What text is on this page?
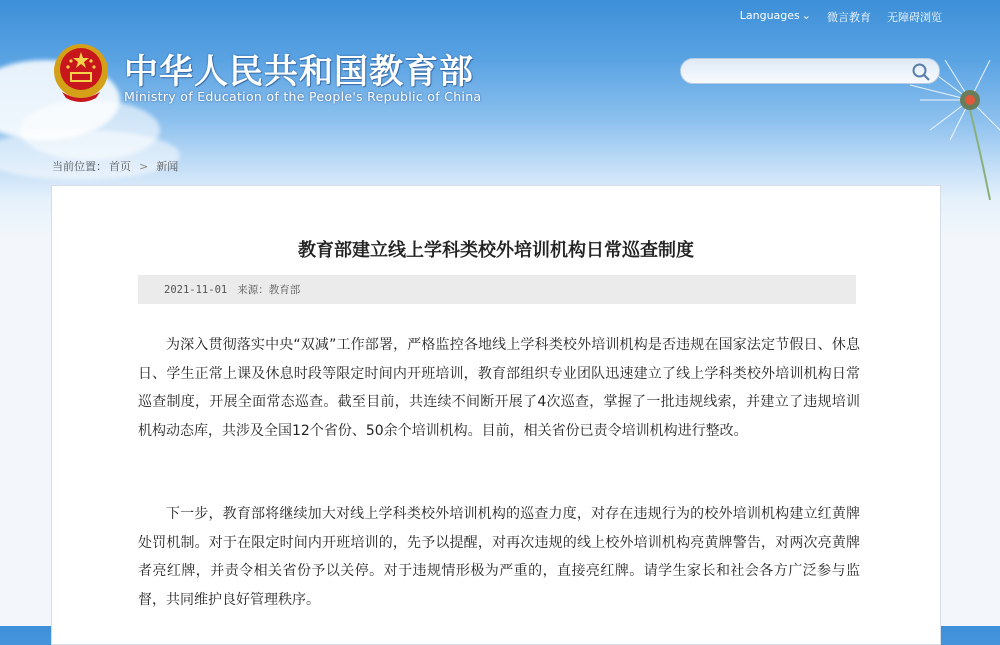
Languages ⌄ 微言教育 无障碍浏览
中华人民共和国教育部
Ministry of Education of the People's Republic of China
当前位置： 首页 > 新闻
教育部建立线上学科类校外培训机构日常巡查制度
2021-11-01 来源：教育部

为深入贯彻落实中央“双减”工作部署，严格监控各地线上学科类校外培训机构是否违规在国家法定节假日、休息日、学生正常上课及休息时段等限定时间内开班培训，教育部组织专业团队迅速建立了线上学科类校外培训机构日常巡查制度，开展全面常态巡查。截至目前，共连续不间断开展了4次巡查，掌握了一批违规线索，并建立了违规培训机构动态库，共涉及全国12个省份、50余个培训机构。目前，相关省份已责令培训机构进行整改。

下一步，教育部将继续加大对线上学科类校外培训机构的巡查力度，对存在违规行为的校外培训机构建立红黄牌处罚机制。对于在限定时间内开班培训的，先予以提醒，对再次违规的线上校外培训机构亮黄牌警告，对两次亮黄牌者亮红牌，并责令相关省份予以关停。对于违规情形极为严重的，直接亮红牌。请学生家长和社会各方广泛参与监督，共同维护良好管理秩序。
